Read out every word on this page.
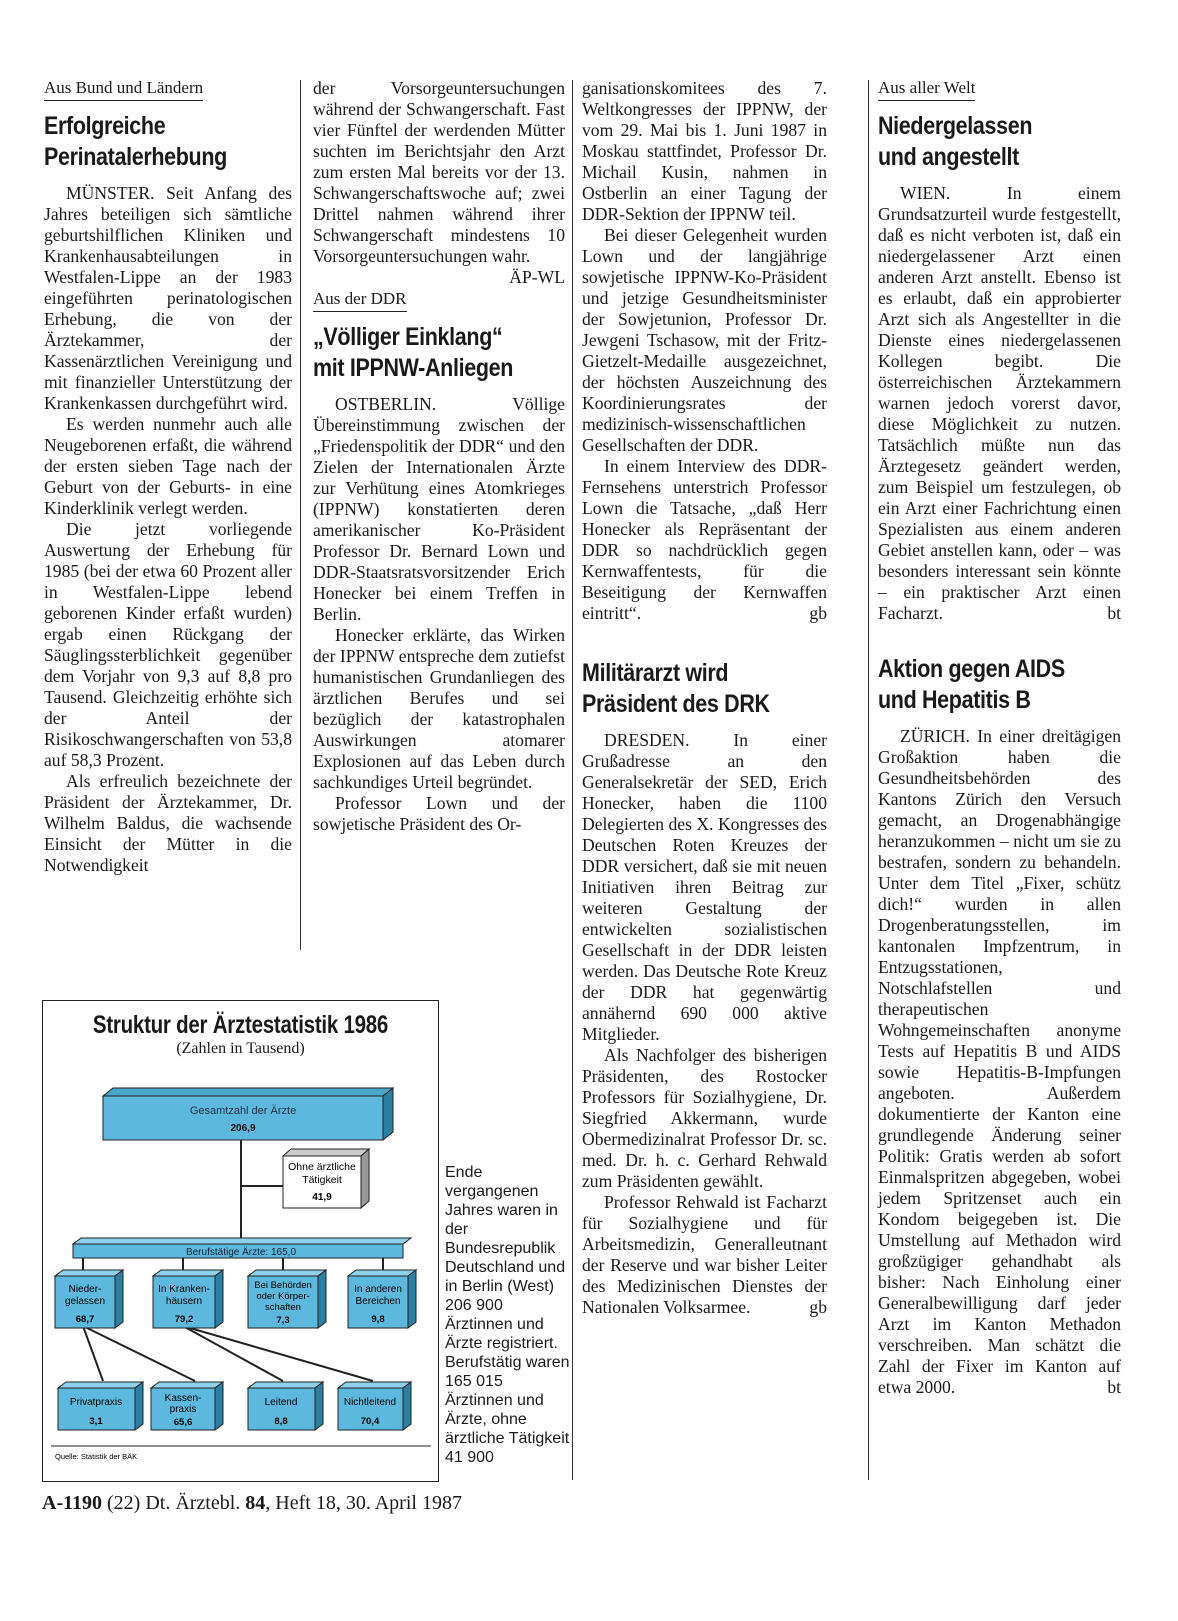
Aus Bund und Ländern
Erfolgreiche
Perinatalerhebung

MÜNSTER. Seit Anfang des Jahres beteiligen sich sämtliche geburtshilflichen Kliniken und Krankenhausabteilungen in Westfalen-Lippe an der 1983 eingeführten perinatologischen Erhebung, die von der Ärztekammer, der Kassenärztlichen Vereinigung und mit finanzieller Unterstützung der Krankenkassen durchgeführt wird.

Es werden nunmehr auch alle Neugeborenen erfaßt, die während der ersten sieben Tage nach der Geburt von der Geburts- in eine Kinderklinik verlegt werden.

Die jetzt vorliegende Auswertung der Erhebung für 1985 (bei der etwa 60 Prozent aller in Westfalen-Lippe lebend geborenen Kinder erfaßt wurden) ergab einen Rückgang der Säuglingssterblichkeit gegenüber dem Vorjahr von 9,3 auf 8,8 pro Tausend. Gleichzeitig erhöhte sich der Anteil der Risikoschwangerschaften von 53,8 auf 58,3 Prozent.

Als erfreulich bezeichnete der Präsident der Ärztekammer, Dr. Wilhelm Baldus, die wachsende Einsicht der Mütter in die Notwendigkeit

der Vorsorgeuntersuchungen während der Schwangerschaft. Fast vier Fünftel der werdenden Mütter suchten im Berichtsjahr den Arzt zum ersten Mal bereits vor der 13. Schwangerschaftswoche auf; zwei Drittel nahmen während ihrer Schwangerschaft mindestens 10 Vorsorgeuntersuchungen wahr.
ÄP-WL

Aus der DDR
„Völliger Einklang“
mit IPPNW-Anliegen

OSTBERLIN. Völlige Übereinstimmung zwischen der „Friedenspolitik der DDR“ und den Zielen der Internationalen Ärzte zur Verhütung eines Atomkrieges (IPPNW) konstatierten deren amerikanischer Ko-Präsident Professor Dr. Bernard Lown und DDR-Staatsratsvorsitzender Erich Honecker bei einem Treffen in Berlin.

Honecker erklärte, das Wirken der IPPNW entspreche dem zutiefst humanistischen Grundanliegen des ärztlichen Berufes und sei bezüglich der katastrophalen Auswirkungen atomarer Explosionen auf das Leben durch sachkundiges Urteil begründet.

Professor Lown und der sowjetische Präsident des Or-

ganisationskomitees des 7. Weltkongresses der IPPNW, der vom 29. Mai bis 1. Juni 1987 in Moskau stattfindet, Professor Dr. Michail Kusin, nahmen in Ostberlin an einer Tagung der DDR-Sektion der IPPNW teil.

Bei dieser Gelegenheit wurden Lown und der langjährige sowjetische IPPNW-Ko-Präsident und jetzige Gesundheitsminister der Sowjetunion, Professor Dr. Jewgeni Tschasow, mit der Fritz-Gietzelt-Medaille ausgezeichnet, der höchsten Auszeichnung des Koordinierungsrates der medizinisch-wissenschaftlichen Gesellschaften der DDR.

In einem Interview des DDR-Fernsehens unterstrich Professor Lown die Tatsache, „daß Herr Honecker als Repräsentant der DDR so nachdrücklich gegen Kernwaffentests, für die Beseitigung der Kernwaffen eintritt“.	gb

Militärarzt wird
Präsident des DRK

DRESDEN. In einer Grußadresse an den Generalsekretär der SED, Erich Honecker, haben die 1100 Delegierten des X. Kongresses des Deutschen Roten Kreuzes der DDR versichert, daß sie mit neuen Initiativen ihren Beitrag zur weiteren Gestaltung der entwickelten sozialistischen Gesellschaft in der DDR leisten werden. Das Deutsche Rote Kreuz der DDR hat gegenwärtig annähernd 690 000 aktive Mitglieder.

Als Nachfolger des bisherigen Präsidenten, des Rostocker Professors für Sozialhygiene, Dr. Siegfried Akkermann, wurde Obermedizinalrat Professor Dr. sc. med. Dr. h. c. Gerhard Rehwald zum Präsidenten gewählt.

Professor Rehwald ist Facharzt für Sozialhygiene und für Arbeitsmedizin, Generalleutnant der Reserve und war bisher Leiter des Medizinischen Dienstes der Nationalen Volksarmee.	gb

Aus aller Welt
Niedergelassen
und angestellt

WIEN. In einem Grundsatzurteil wurde festgestellt, daß es nicht verboten ist, daß ein niedergelassener Arzt einen anderen Arzt anstellt. Ebenso ist es erlaubt, daß ein approbierter Arzt sich als Angestellter in die Dienste eines niedergelassenen Kollegen begibt. Die österreichischen Ärztekammern warnen jedoch vorerst davor, diese Möglichkeit zu nutzen. Tatsächlich müßte nun das Ärztegesetz geändert werden, zum Beispiel um festzulegen, ob ein Arzt einer Fachrichtung einen Spezialisten aus einem anderen Gebiet anstellen kann, oder – was besonders interessant sein könnte – ein praktischer Arzt einen Facharzt.	bt

Aktion gegen AIDS
und Hepatitis B

ZÜRICH. In einer dreitägigen Großaktion haben die Gesundheitsbehörden des Kantons Zürich den Versuch gemacht, an Drogenabhängige heranzukommen – nicht um sie zu bestrafen, sondern zu behandeln. Unter dem Titel „Fixer, schütz dich!“ wurden in allen Drogenberatungsstellen, im kantonalen Impfzentrum, in Entzugsstationen, Notschlafstellen und therapeutischen Wohngemeinschaften anonyme Tests auf Hepatitis B und AIDS sowie Hepatitis-B-Impfungen angeboten. Außerdem dokumentierte der Kanton eine grundlegende Änderung seiner Politik: Gratis werden ab sofort Einmalspritzen abgegeben, wobei jedem Spritzenset auch ein Kondom beigegeben ist. Die Umstellung auf Methadon wird großzügiger gehandhabt als bisher: Nach Einholung einer Generalbewilligung darf jeder Arzt im Kanton Methadon verschreiben. Man schätzt die Zahl der Fixer im Kanton auf etwa 2000.	bt

Struktur der Ärztestatistik 1986
(Zahlen in Tausend)
Gesamtzahl der Ärzte
206,9
Ohne ärztliche
Tätigkeit
41,9
Berufstätige Ärzte: 165,0
Nieder-
gelassen
68,7
In Kranken-
häusern
79,2
Bei Behörden
oder Körper-
schaften
7,3
In anderen
Bereichen
9,8
Privatpraxis
3,1
Kassen-
praxis
65,6
Leitend
8,8
Nichtleitend
70,4
Quelle: Statistik der BÄK
Ende vergangenen Jahres waren in der Bundesrepublik Deutschland und in Berlin (West) 206 900 Ärztinnen und Ärzte registriert. Berufstätig waren 165 015 Ärztinnen und Ärzte, ohne ärztliche Tätigkeit 41 900
A-1190 (22) Dt. Ärztebl. 84, Heft 18, 30. April 1987
